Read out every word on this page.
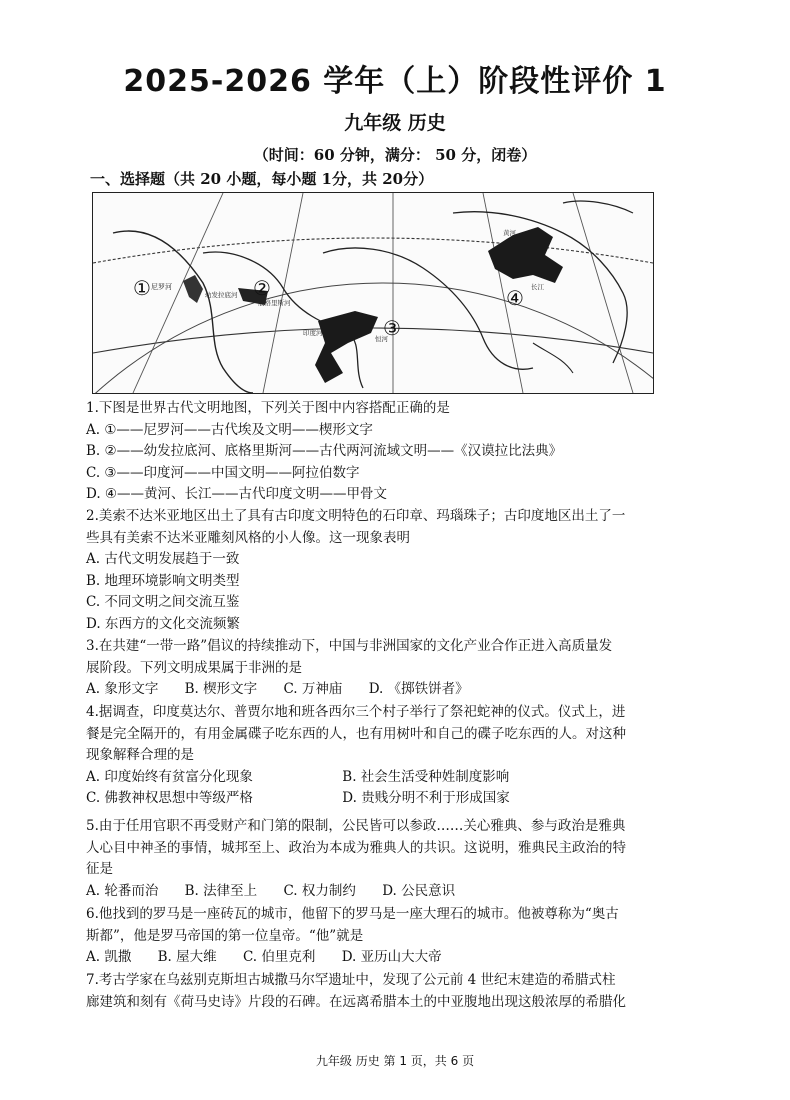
2025-2026 学年（上）阶段性评价 1
九年级 历史
（时间：60 分钟，满分： 50 分，闭卷）
一、选择题（共 20 小题，每小题 1分，共 20分）
尼罗河
幼发拉底河
底格里斯河
印度河
恒河
黄河
长江
①	②
③
④
1.下图是世界古代文明地图，下列关于图中内容搭配正确的是
A. ①——尼罗河——古代埃及文明——楔形文字
B. ②——幼发拉底河、底格里斯河——古代两河流域文明——《汉谟拉比法典》
C. ③——印度河——中国文明——阿拉伯数字
D. ④——黄河、长江——古代印度文明——甲骨文
2.美索不达米亚地区出土了具有古印度文明特色的石印章、玛瑙珠子；古印度地区出土了一
些具有美索不达米亚雕刻风格的小人像。这一现象表明
A. 古代文明发展趋于一致
B. 地理环境影响文明类型
C. 不同文明之间交流互鉴
D. 东西方的文化交流频繁
3.在共建“一带一路”倡议的持续推动下，中国与非洲国家的文化产业合作正进入高质量发
展阶段。下列文明成果属于非洲的是
A. 象形文字 B. 楔形文字 C. 万神庙 D. 《掷铁饼者》
4.据调查，印度莫达尔、普贾尔地和班各西尔三个村子举行了祭祀蛇神的仪式。仪式上，进
餐是完全隔开的，有用金属碟子吃东西的人，也有用树叶和自己的碟子吃东西的人。对这种
现象解释合理的是
A. 印度始终有贫富分化现象	B. 社会生活受种姓制度影响
C. 佛教神权思想中等级严格	D. 贵贱分明不利于形成国家
5.由于任用官职不再受财产和门第的限制，公民皆可以参政……关心雅典、参与政治是雅典
人心目中神圣的事情，城邦至上、政治为本成为雅典人的共识。这说明，雅典民主政治的特
征是
A. 轮番而治 B. 法律至上 C. 权力制约 D. 公民意识
6.他找到的罗马是一座砖瓦的城市，他留下的罗马是一座大理石的城市。他被尊称为“奥古
斯都”，他是罗马帝国的第一位皇帝。“他”就是
A. 凯撒 B. 屋大维 C. 伯里克利 D. 亚历山大大帝
7.考古学家在乌兹别克斯坦古城撒马尔罕遗址中，发现了公元前 4 世纪末建造的希腊式柱
廊建筑和刻有《荷马史诗》片段的石碑。在远离希腊本土的中亚腹地出现这般浓厚的希腊化
九年级 历史 第 1 页，共 6 页
